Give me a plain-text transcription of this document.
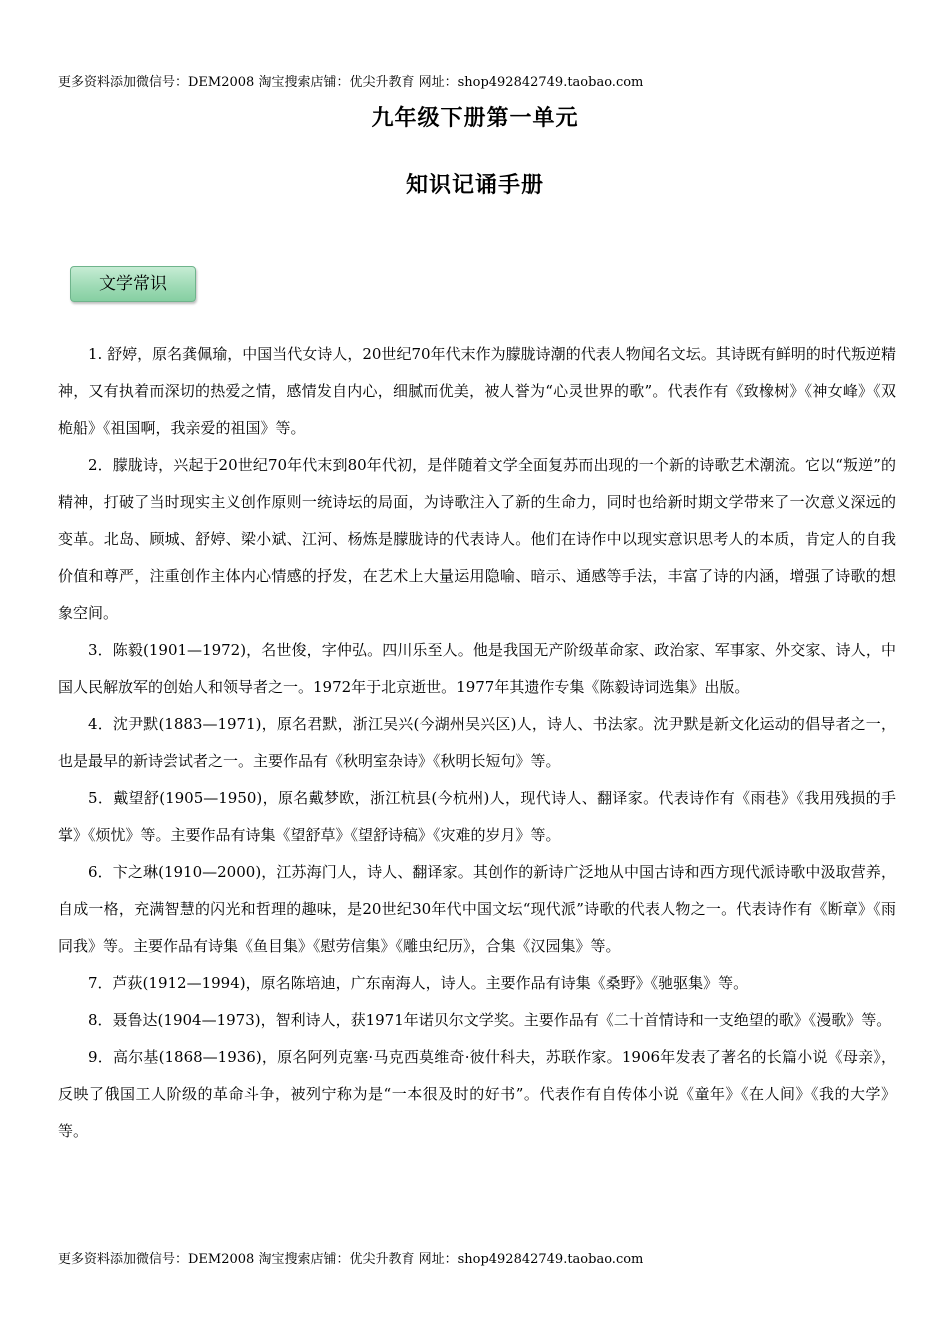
更多资料添加微信号：DEM2008 淘宝搜索店铺：优尖升教育 网址：shop492842749.taobao.com
九年级下册第一单元
知识记诵手册
文学常识

1. 舒婷，原名龚佩瑜，中国当代女诗人，20世纪70年代末作为朦胧诗潮的代表人物闻名文坛。其诗既有鲜明的时代叛逆精神，又有执着而深切的热爱之情，感情发自内心，细腻而优美，被人誉为“心灵世界的歌”。代表作有《致橡树》《神女峰》《双桅船》《祖国啊，我亲爱的祖国》等。

2．朦胧诗，兴起于20世纪70年代末到80年代初，是伴随着文学全面复苏而出现的一个新的诗歌艺术潮流。它以“叛逆”的精神，打破了当时现实主义创作原则一统诗坛的局面，为诗歌注入了新的生命力，同时也给新时期文学带来了一次意义深远的变革。北岛、顾城、舒婷、梁小斌、江河、杨炼是朦胧诗的代表诗人。他们在诗作中以现实意识思考人的本质，肯定人的自我价值和尊严，注重创作主体内心情感的抒发，在艺术上大量运用隐喻、暗示、通感等手法，丰富了诗的内涵，增强了诗歌的想象空间。

3．陈毅(1901—1972)，名世俊，字仲弘。四川乐至人。他是我国无产阶级革命家、政治家、军事家、外交家、诗人，中国人民解放军的创始人和领导者之一。1972年于北京逝世。1977年其遗作专集《陈毅诗词选集》出版。

4．沈尹默(1883—1971)，原名君默，浙江吴兴(今湖州吴兴区)人，诗人、书法家。沈尹默是新文化运动的倡导者之一，也是最早的新诗尝试者之一。主要作品有《秋明室杂诗》《秋明长短句》等。

5．戴望舒(1905—1950)，原名戴梦欧，浙江杭县(今杭州)人，现代诗人、翻译家。代表诗作有《雨巷》《我用残损的手掌》《烦忧》等。主要作品有诗集《望舒草》《望舒诗稿》《灾难的岁月》等。

6．卞之琳(1910—2000)，江苏海门人，诗人、翻译家。其创作的新诗广泛地从中国古诗和西方现代派诗歌中汲取营养，自成一格，充满智慧的闪光和哲理的趣味，是20世纪30年代中国文坛“现代派”诗歌的代表人物之一。代表诗作有《断章》《雨同我》等。主要作品有诗集《鱼目集》《慰劳信集》《雕虫纪历》，合集《汉园集》等。

7．芦荻(1912—1994)，原名陈培迪，广东南海人，诗人。主要作品有诗集《桑野》《驰驱集》等。

8．聂鲁达(1904—1973)，智利诗人，获1971年诺贝尔文学奖。主要作品有《二十首情诗和一支绝望的歌》《漫歌》等。

9．高尔基(1868—1936)，原名阿列克塞·马克西莫维奇·彼什科夫，苏联作家。1906年发表了著名的长篇小说《母亲》，反映了俄国工人阶级的革命斗争，被列宁称为是“一本很及时的好书”。代表作有自传体小说《童年》《在人间》《我的大学》等。

更多资料添加微信号：DEM2008 淘宝搜索店铺：优尖升教育 网址：shop492842749.taobao.com
